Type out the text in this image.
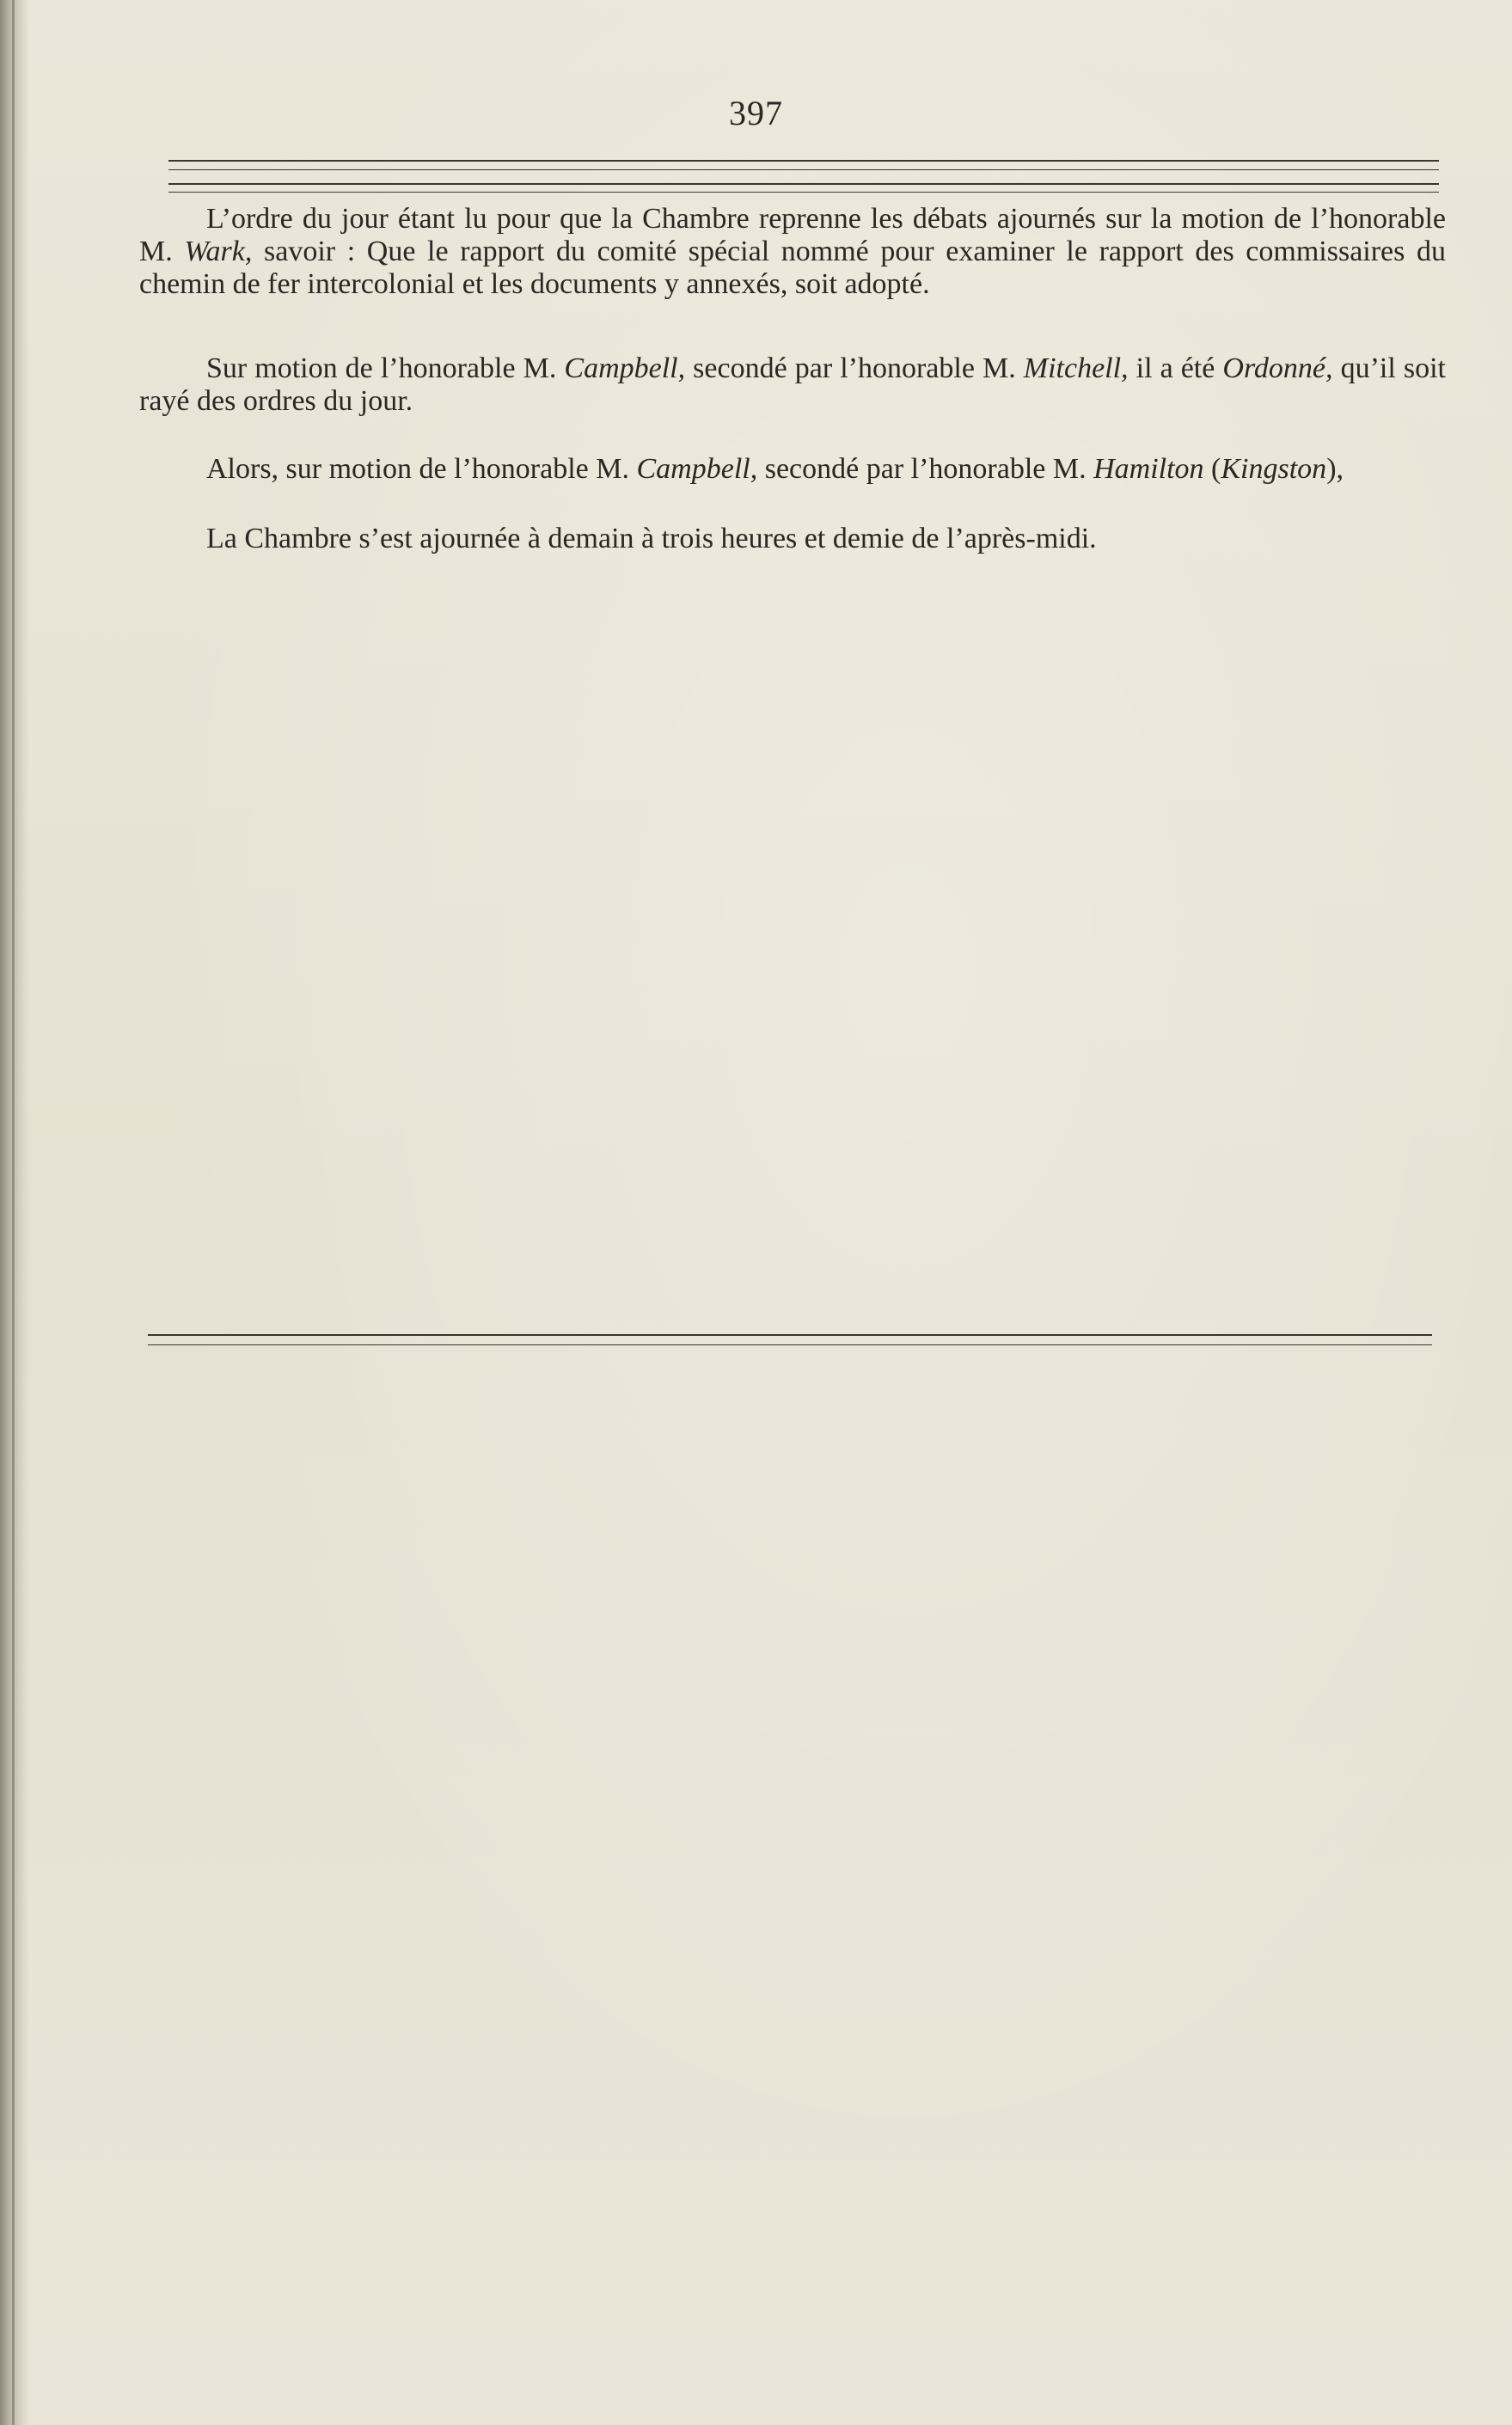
397

L’ordre du jour étant lu pour que la Chambre reprenne les débats ajournés sur la motion de l’honorable M. Wark, savoir : Que le rapport du comité spécial nommé pour examiner le rapport des commissaires du chemin de fer intercolonial et les documents y annexés, soit adopté.

Sur motion de l’honorable M. Campbell, secondé par l’honorable M. Mitchell, il a été Ordonné, qu’il soit rayé des ordres du jour.

Alors, sur motion de l’honorable M. Campbell, secondé par l’honorable M. Hamilton (Kingston),

La Chambre s’est ajournée à demain à trois heures et demie de l’après-midi.
